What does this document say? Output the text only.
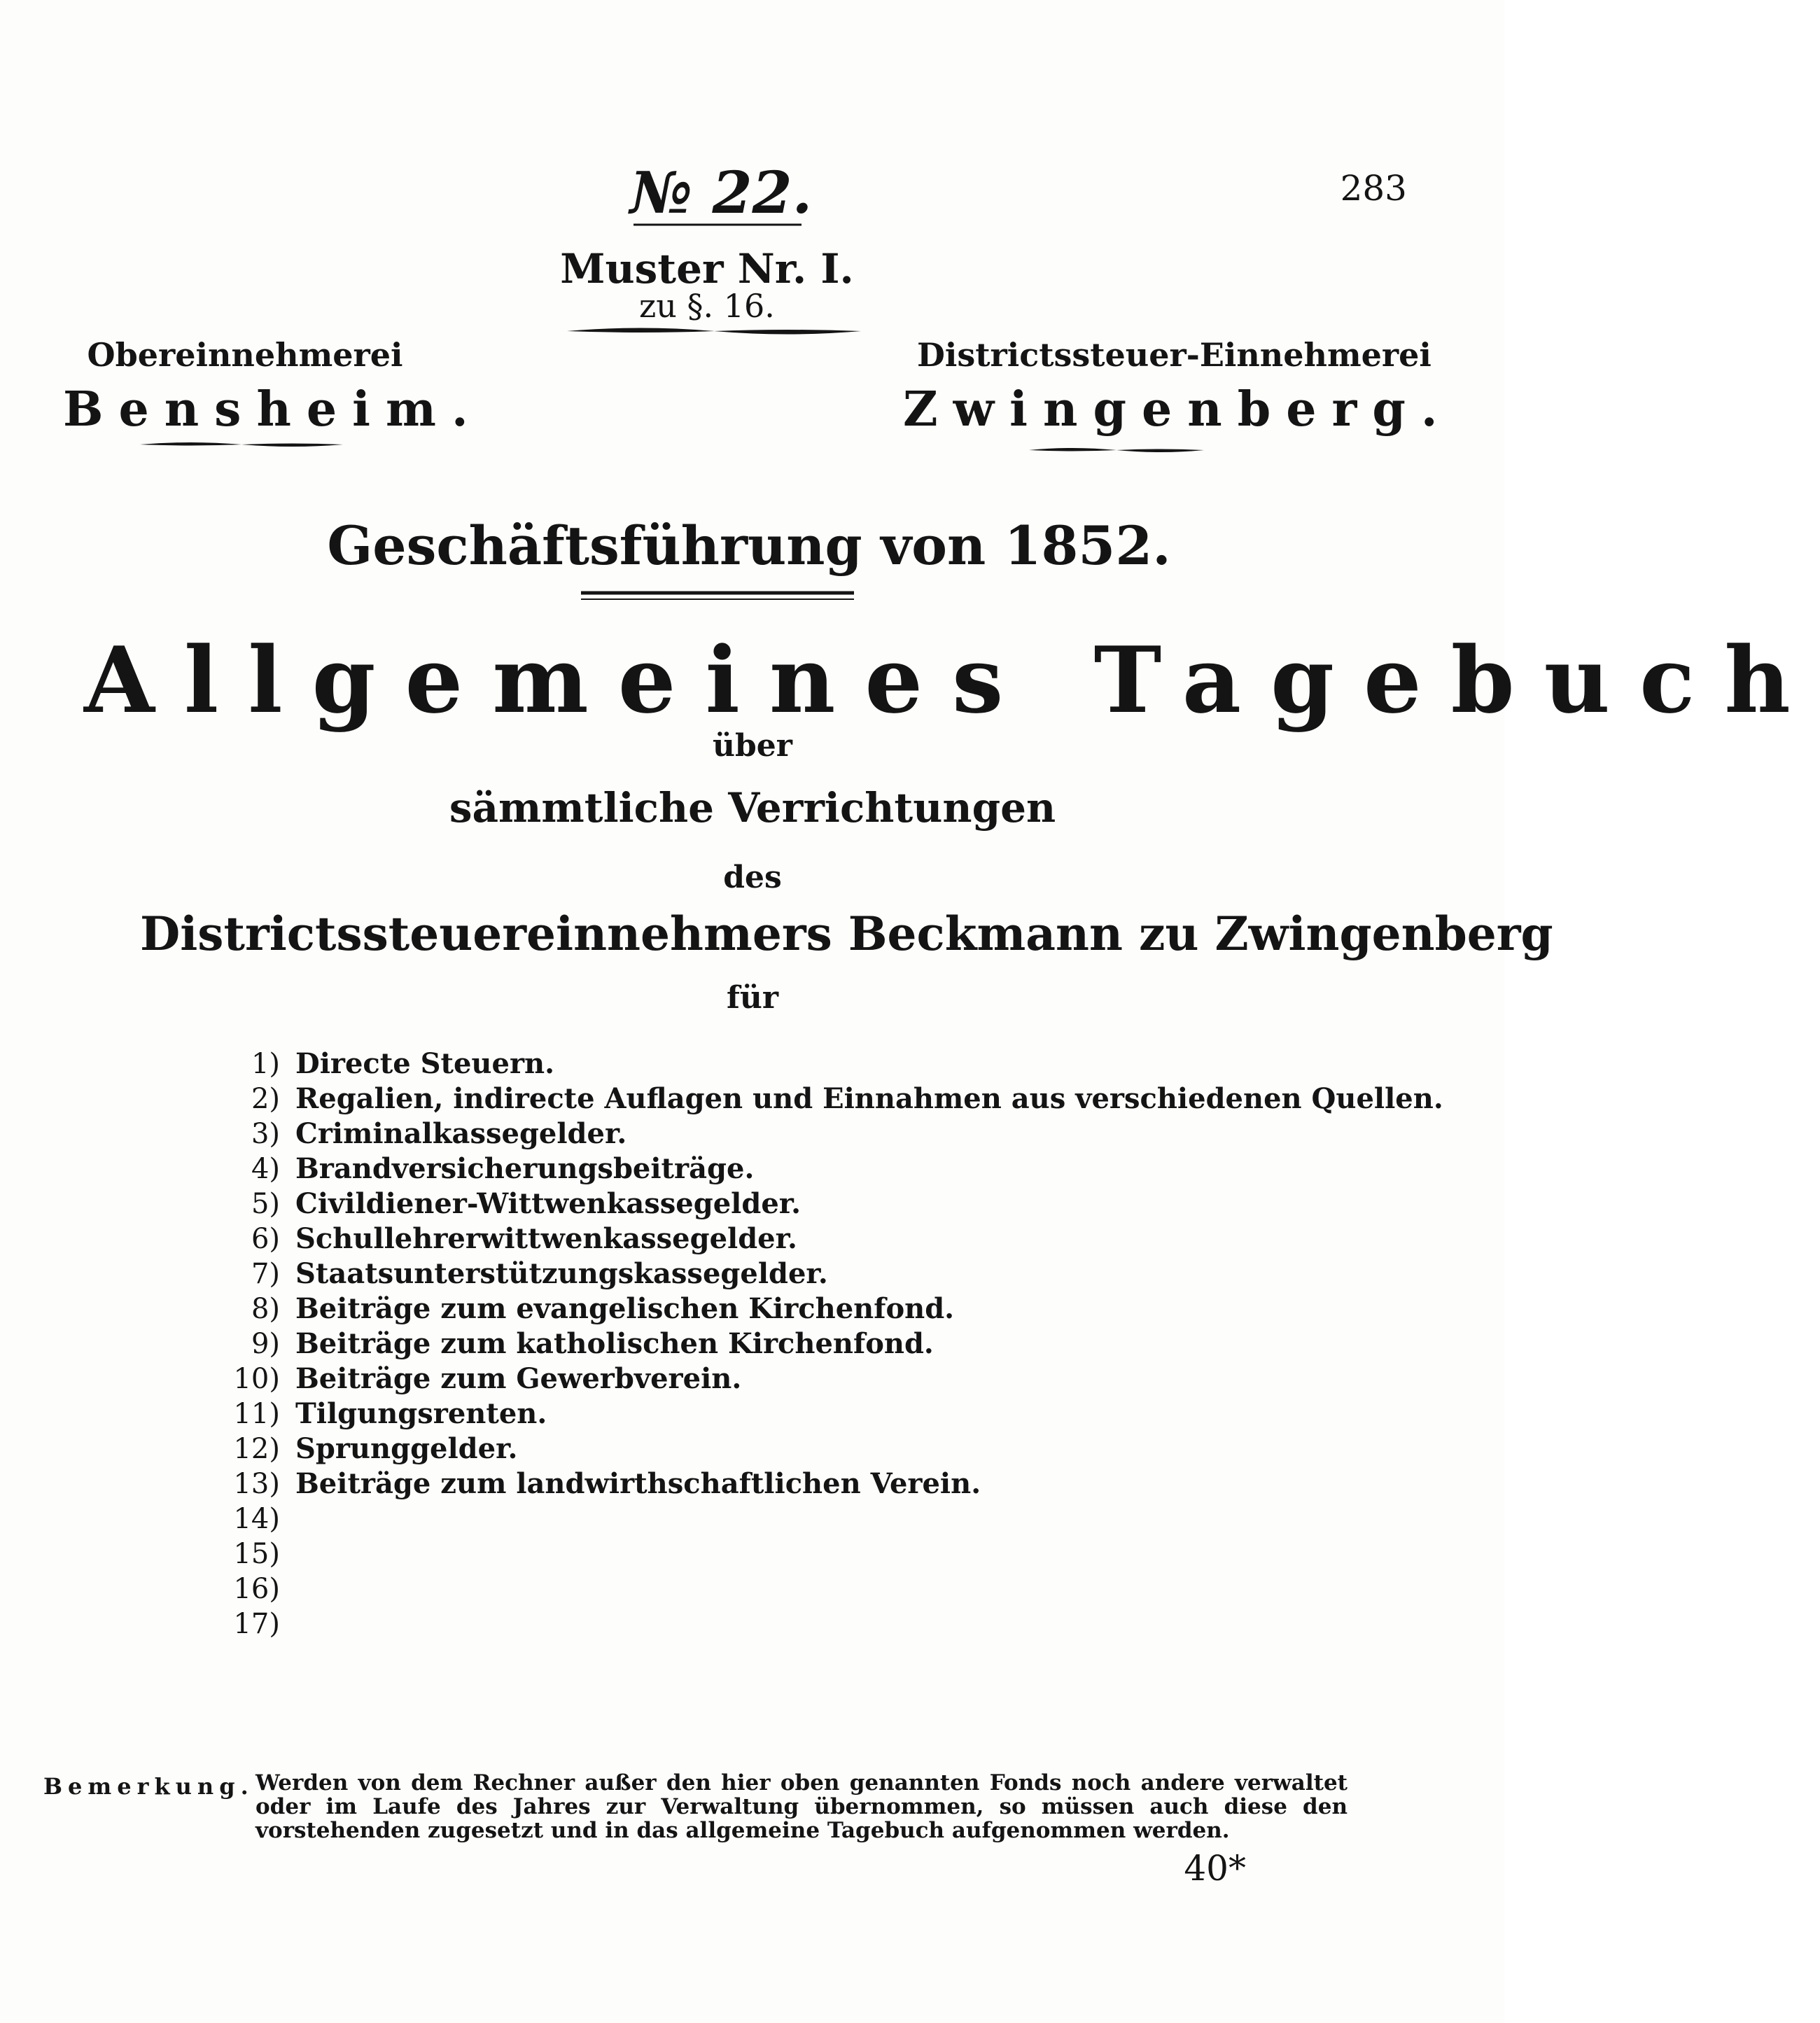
№ 22.	283
Muster Nr. I.
zu §. 16.
Obereinnehmerei
Bensheim.
Districtssteuer-Einnehmerei
Zwingenberg.
Geschäftsführung von 1852.
Allgemeines Tagebuch
über
sämmtliche Verrichtungen
des
Districtssteuereinnehmers Beckmann zu Zwingenberg
für
1) Directe Steuern.
2) Regalien, indirecte Auflagen und Einnahmen aus verschiedenen Quellen.
3) Criminalkassegelder.
4) Brandversicherungsbeiträge.
5) Civildiener-Wittwenkassegelder.
6) Schullehrerwittwenkassegelder.
7) Staatsunterstützungskassegelder.
8) Beiträge zum evangelischen Kirchenfond.
9) Beiträge zum katholischen Kirchenfond.
10) Beiträge zum Gewerbverein.
11) Tilgungsrenten.
12) Sprunggelder.
13) Beiträge zum landwirthschaftlichen Verein.
14)
15)
16)
17)
Bemerkung. Werden von dem Rechner außer den hier oben genannten Fonds noch andere verwaltet oder im Laufe des Jahres zur Verwaltung übernommen, so müssen auch diese den vorstehenden zugesetzt und in das allgemeine Tagebuch aufgenommen werden.
40*
